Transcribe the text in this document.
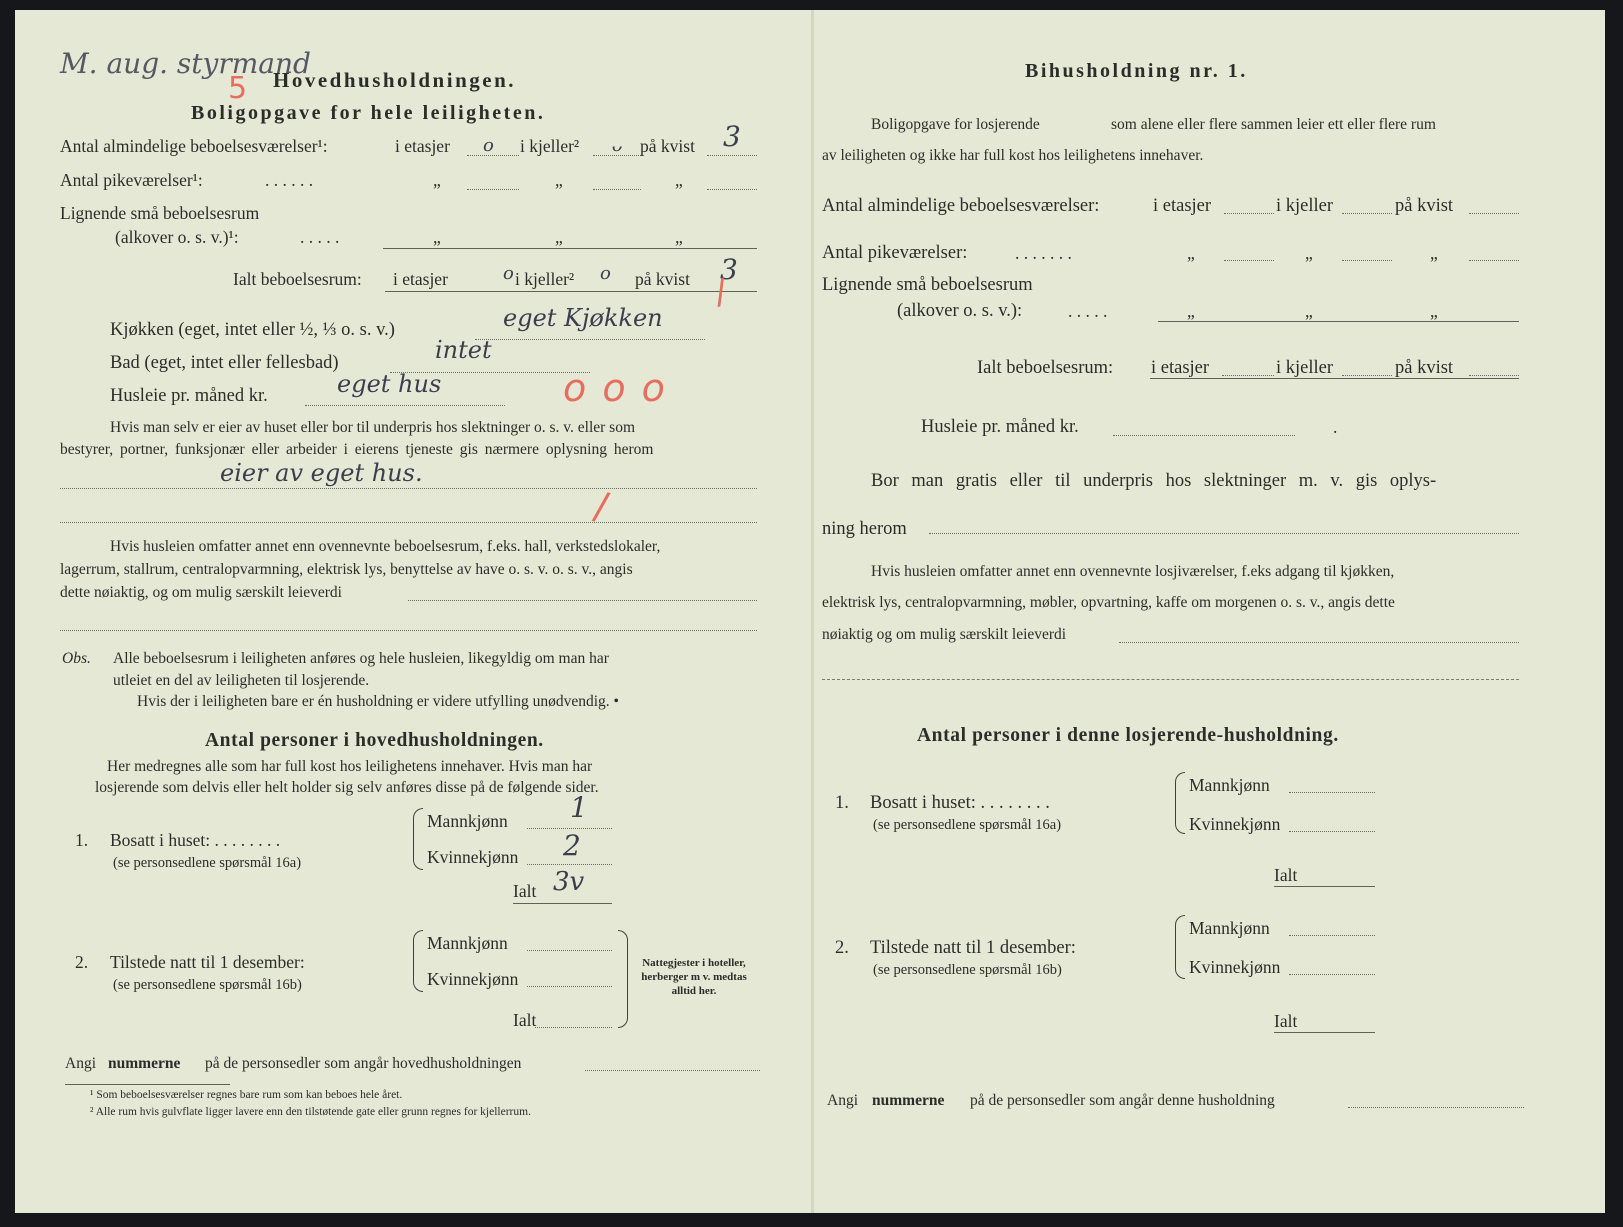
M. aug. styrmand
5 Hovedhusholdningen.
Boligopgave for hele leiligheten.
Antal almindelige beboelsesværelser¹:	i etasjer o i kjeller² ᴗ på kvist 3
Antal pikeværelser¹:	. . . . . .	„	„	„
Lignende små beboelsesrum
(alkover o. s. v.)¹:	. . . . .	„	„	„
Ialt beboelsesrum: i etasjer	o i kjeller² o på kvist 3
/
Kjøkken (eget, intet eller ½, ⅓ o. s. v.)	eget Kjøkken
Bad (eget, intet eller fellesbad)	intet
Husleie pr. måned kr.	eget hus	o o o
Hvis man selv er eier av huset eller bor til underpris hos slektninger o. s. v. eller som
bestyrer, portner, funksjonær eller arbeider i eierens tjeneste gis nærmere oplysning herom
eier av eget hus.
/
Hvis husleien omfatter annet enn ovennevnte beboelsesrum, f.eks. hall, verkstedslokaler,
lagerrum, stallrum, centralopvarmning, elektrisk lys, benyttelse av have o. s. v. o. s. v., angis
dette nøiaktig, og om mulig særskilt leieverdi
Obs. Alle beboelsesrum i leiligheten anføres og hele husleien, likegyldig om man har
utleiet en del av leiligheten til losjerende.
Hvis der i leiligheten bare er én husholdning er videre utfylling unødvendig. •
Antal personer i hovedhusholdningen.
Her medregnes alle som har full kost hos leilighetens innehaver. Hvis man har
losjerende som delvis eller helt holder sig selv anføres disse på de følgende sider.
1. Bosatt i huset: . . . . . . . .
(se personsedlene spørsmål 16a)
Mannkjønn 1
Kvinnekjønn 2
Ialt 3v
2. Tilstede natt til 1 desember:
(se personsedlene spørsmål 16b)
Mannkjønn
Kvinnekjønn
Ialt
Nattegjester i hoteller, herberger m v. medtas alltid her.
Angi nummerne på de personsedler som angår hovedhusholdningen
¹ Som beboelsesværelser regnes bare rum som kan beboes hele året.
² Alle rum hvis gulvflate ligger lavere enn den tilstøtende gate eller grunn regnes for kjellerrum.
Bihusholdning nr. 1.
Boligopgave for losjerende	som alene eller flere sammen leier ett eller flere rum
av leiligheten og ikke har full kost hos leilighetens innehaver.
Antal almindelige beboelsesværelser:	i etasjer	i kjeller	på kvist
Antal pikeværelser:	. . . . . . .	„	„	„
Lignende små beboelsesrum
(alkover o. s. v.):	. . . . .	„	„	„
Ialt beboelsesrum: i etasjer	i kjeller	på kvist
Husleie pr. måned kr.	.
Bor man gratis eller til underpris hos slektninger m. v. gis oplys-
ning herom
Hvis husleien omfatter annet enn ovennevnte losjiværelser, f.eks adgang til kjøkken,
elektrisk lys, centralopvarmning, møbler, opvartning, kaffe om morgenen o. s. v., angis dette
nøiaktig og om mulig særskilt leieverdi
Antal personer i denne losjerende-husholdning.
1. Bosatt i huset: . . . . . . . .
(se personsedlene spørsmål 16a)
Mannkjønn
Kvinnekjønn
Ialt
2. Tilstede natt til 1 desember:
(se personsedlene spørsmål 16b)
Mannkjønn
Kvinnekjønn
Ialt
Angi nummerne på de personsedler som angår denne husholdning
